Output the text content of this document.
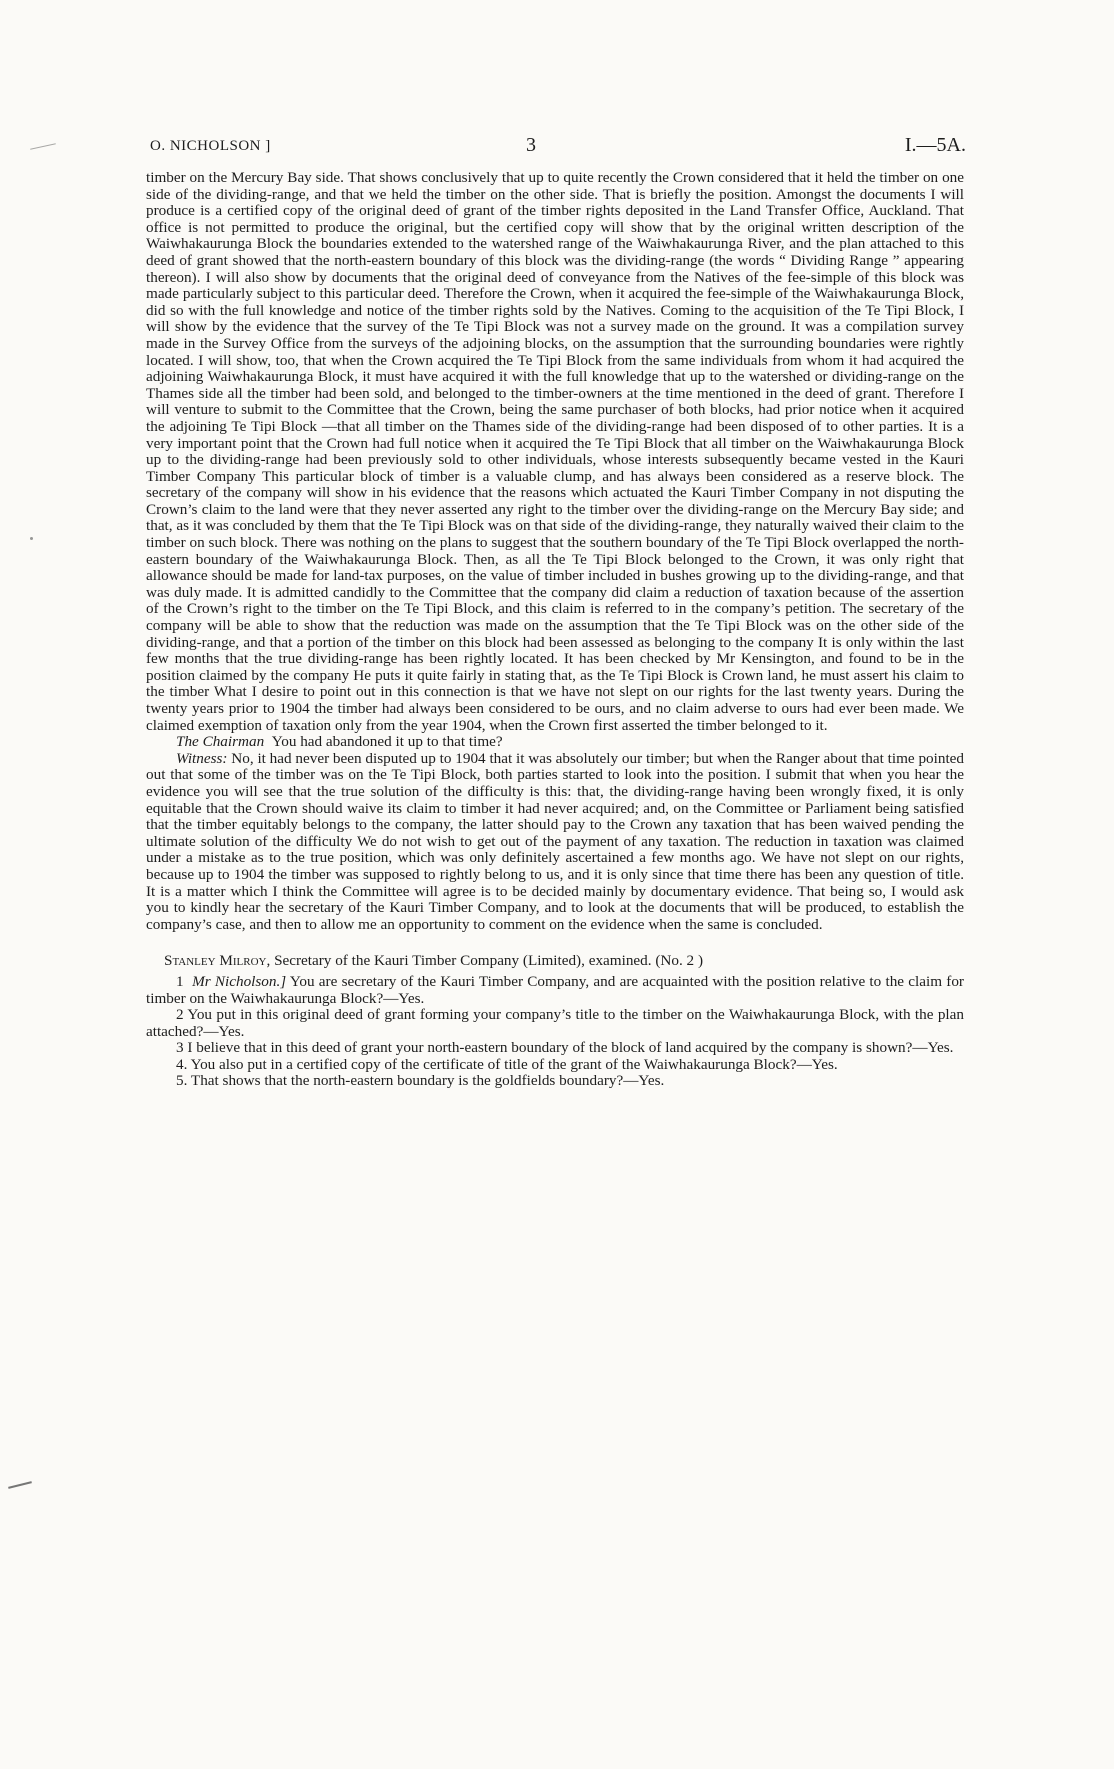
O. NICHOLSON ]	3	I.—5A.

timber on the Mercury Bay side. That shows conclusively that up to quite recently the Crown considered that it held the timber on one side of the dividing-range, and that we held the timber on the other side. That is briefly the position. Amongst the documents I will produce is a certified copy of the original deed of grant of the timber rights deposited in the Land Transfer Office, Auckland. That office is not permitted to produce the original, but the certified copy will show that by the original written description of the Waiwhakaurunga Block the boundaries extended to the watershed range of the Waiwhakaurunga River, and the plan attached to this deed of grant showed that the north-eastern boundary of this block was the dividing-range (the words “ Dividing Range ” appearing thereon). I will also show by documents that the original deed of conveyance from the Natives of the fee-simple of this block was made particularly subject to this particular deed. Therefore the Crown, when it acquired the fee-simple of the Waiwhakaurunga Block, did so with the full knowledge and notice of the timber rights sold by the Natives. Coming to the acquisition of the Te Tipi Block, I will show by the evidence that the survey of the Te Tipi Block was not a survey made on the ground. It was a compilation survey made in the Survey Office from the surveys of the adjoining blocks, on the assumption that the surrounding boundaries were rightly located. I will show, too, that when the Crown acquired the Te Tipi Block from the same individuals from whom it had acquired the adjoining Waiwhakaurunga Block, it must have acquired it with the full knowledge that up to the watershed or dividing-range on the Thames side all the timber had been sold, and belonged to the timber-owners at the time mentioned in the deed of grant. Therefore I will venture to submit to the Committee that the Crown, being the same purchaser of both blocks, had prior notice when it acquired the adjoining Te Tipi Block —that all timber on the Thames side of the dividing-range had been disposed of to other parties. It is a very important point that the Crown had full notice when it acquired the Te Tipi Block that all timber on the Waiwhakaurunga Block up to the dividing-range had been previously sold to other individuals, whose interests subsequently became vested in the Kauri Timber Company This particular block of timber is a valuable clump, and has always been considered as a reserve block. The secretary of the company will show in his evidence that the reasons which actuated the Kauri Timber Company in not disputing the Crown’s claim to the land were that they never asserted any right to the timber over the dividing-range on the Mercury Bay side; and that, as it was concluded by them that the Te Tipi Block was on that side of the dividing-range, they naturally waived their claim to the timber on such block. There was nothing on the plans to suggest that the southern boundary of the Te Tipi Block overlapped the north-eastern boundary of the Waiwhakaurunga Block. Then, as all the Te Tipi Block belonged to the Crown, it was only right that allowance should be made for land-tax purposes, on the value of timber included in bushes growing up to the dividing-range, and that was duly made. It is admitted candidly to the Committee that the company did claim a reduction of taxation because of the assertion of the Crown’s right to the timber on the Te Tipi Block, and this claim is referred to in the company’s petition. The secretary of the company will be able to show that the reduction was made on the assumption that the Te Tipi Block was on the other side of the dividing-range, and that a portion of the timber on this block had been assessed as belonging to the company It is only within the last few months that the true dividing-range has been rightly located. It has been checked by Mr Kensington, and found to be in the position claimed by the company He puts it quite fairly in stating that, as the Te Tipi Block is Crown land, he must assert his claim to the timber What I desire to point out in this connection is that we have not slept on our rights for the last twenty years. During the twenty years prior to 1904 the timber had always been considered to be ours, and no claim adverse to ours had ever been made. We claimed exemption of taxation only from the year 1904, when the Crown first asserted the timber belonged to it.

The Chairman You had abandoned it up to that time?

Witness: No, it had never been disputed up to 1904 that it was absolutely our timber; but when the Ranger about that time pointed out that some of the timber was on the Te Tipi Block, both parties started to look into the position. I submit that when you hear the evidence you will see that the true solution of the difficulty is this: that, the dividing-range having been wrongly fixed, it is only equitable that the Crown should waive its claim to timber it had never acquired; and, on the Committee or Parliament being satisfied that the timber equitably belongs to the company, the latter should pay to the Crown any taxation that has been waived pending the ultimate solution of the difficulty We do not wish to get out of the payment of any taxation. The reduction in taxation was claimed under a mistake as to the true position, which was only definitely ascertained a few months ago. We have not slept on our rights, because up to 1904 the timber was supposed to rightly belong to us, and it is only since that time there has been any question of title. It is a matter which I think the Committee will agree is to be decided mainly by documentary evidence. That being so, I would ask you to kindly hear the secretary of the Kauri Timber Company, and to look at the documents that will be produced, to establish the company’s case, and then to allow me an opportunity to comment on the evidence when the same is concluded.

Stanley Milroy, Secretary of the Kauri Timber Company (Limited), examined. (No. 2 )

1 Mr Nicholson.] You are secretary of the Kauri Timber Company, and are acquainted with the position relative to the claim for timber on the Waiwhakaurunga Block?—Yes.

2 You put in this original deed of grant forming your company’s title to the timber on the Waiwhakaurunga Block, with the plan attached?—Yes.

3 I believe that in this deed of grant your north-eastern boundary of the block of land acquired by the company is shown?—Yes.

4. You also put in a certified copy of the certificate of title of the grant of the Waiwhakaurunga Block?—Yes.

5. That shows that the north-eastern boundary is the goldfields boundary?—Yes.
